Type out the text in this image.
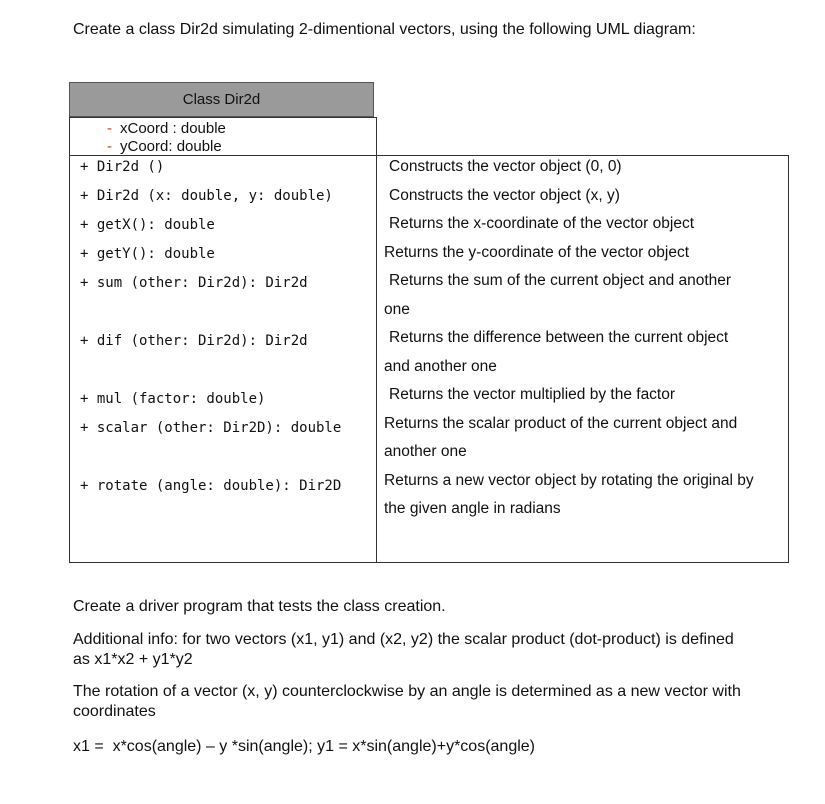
Create a class Dir2d simulating 2-dimentional vectors, using the following UML diagram:
Class Dir2d
- xCoord : double
- yCoord: double
+ Dir2d ()
+ Dir2d (x: double, y: double)
+ getX(): double
+ getY(): double
+ sum (other: Dir2d): Dir2d
+ dif (other: Dir2d): Dir2d
+ mul (factor: double)
+ scalar (other: Dir2D): double
+ rotate (angle: double): Dir2D
Constructs the vector object (0, 0)
Constructs the vector object (x, y)
Returns the x-coordinate of the vector object
Returns the y-coordinate of the vector object
Returns the sum of the current object and another
one
Returns the difference between the current object
and another one
Returns the vector multiplied by the factor
Returns the scalar product of the current object and
another one
Returns a new vector object by rotating the original by
the given angle in radians
Create a driver program that tests the class creation.
Additional info: for two vectors (x1, y1) and (x2, y2) the scalar product (dot-product) is defined
as x1*x2 + y1*y2
The rotation of a vector (x, y) counterclockwise by an angle is determined as a new vector with
coordinates
x1 =  x*cos(angle) – y *sin(angle); y1 = x*sin(angle)+y*cos(angle)
